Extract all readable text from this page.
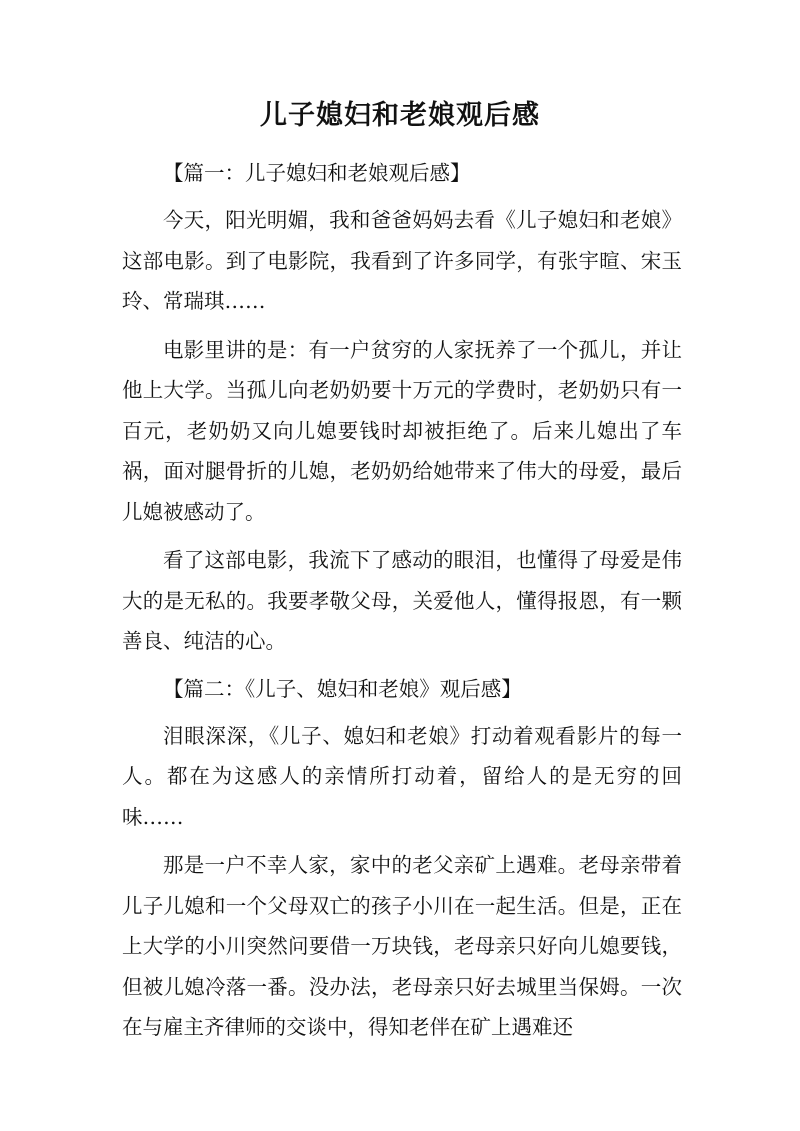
儿子媳妇和老娘观后感
【篇一：儿子媳妇和老娘观后感】

今天，阳光明媚，我和爸爸妈妈去看《儿子媳妇和老娘》这部电影。到了电影院，我看到了许多同学，有张宇暄、宋玉玲、常瑞琪……

电影里讲的是：有一户贫穷的人家抚养了一个孤儿，并让他上大学。当孤儿向老奶奶要十万元的学费时，老奶奶只有一百元，老奶奶又向儿媳要钱时却被拒绝了。后来儿媳出了车祸，面对腿骨折的儿媳，老奶奶给她带来了伟大的母爱，最后儿媳被感动了。

看了这部电影，我流下了感动的眼泪，也懂得了母爱是伟大的是无私的。我要孝敬父母，关爱他人，懂得报恩，有一颗善良、纯洁的心。

【篇二：《儿子、媳妇和老娘》观后感】

泪眼深深，《儿子、媳妇和老娘》打动着观看影片的每一人。都在为这感人的亲情所打动着，留给人的是无穷的回味……

那是一户不幸人家，家中的老父亲矿上遇难。老母亲带着儿子儿媳和一个父母双亡的孩子小川在一起生活。但是，正在上大学的小川突然问要借一万块钱，老母亲只好向儿媳要钱，但被儿媳冷落一番。没办法，老母亲只好去城里当保姆。一次在与雇主齐律师的交谈中，得知老伴在矿上遇难还
